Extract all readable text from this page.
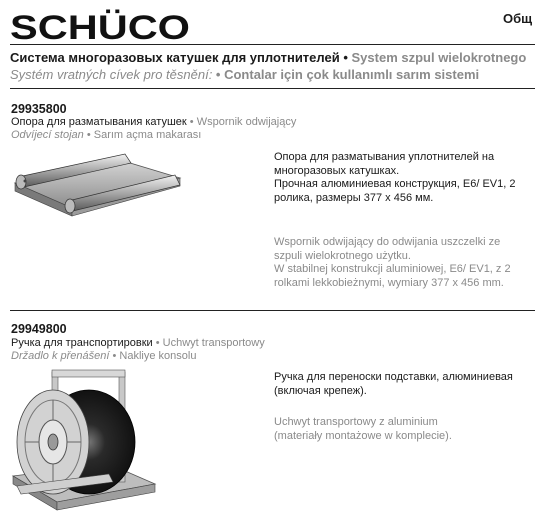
SCHÜCO	Общ
Система многоразовых катушек для уплотнителей • System szpul wielokrotnego
Systém vratných cívek pro těsnění: • Contalar için çok kullanımlı sarım sistemi
29935800
Опора для разматывания катушек • Wspornik odwijający
Odvíjecí stojan • Sarım açma makarası
Опора для разматывания уплотнителей на
многоразовых катушках.
Прочная алюминиевая конструкция, E6/ EV1, 2
ролика, размеры 377 x 456 мм.
Wspornik odwijający do odwijania uszczelki ze
szpuli wielokrotnego użytku.
W stabilnej konstrukcji aluminiowej, E6/ EV1, z 2
rolkami lekkobieżnymi, wymiary 377 x 456 mm.
29949800
Ручка для транспортировки • Uchwyt transportowy
Držadlo k přenášení • Nakliye konsolu
Ручка для переноски подставки, алюминиевая
(включая крепеж).
Uchwyt transportowy z aluminium
(materiały montażowe w komplecie).
